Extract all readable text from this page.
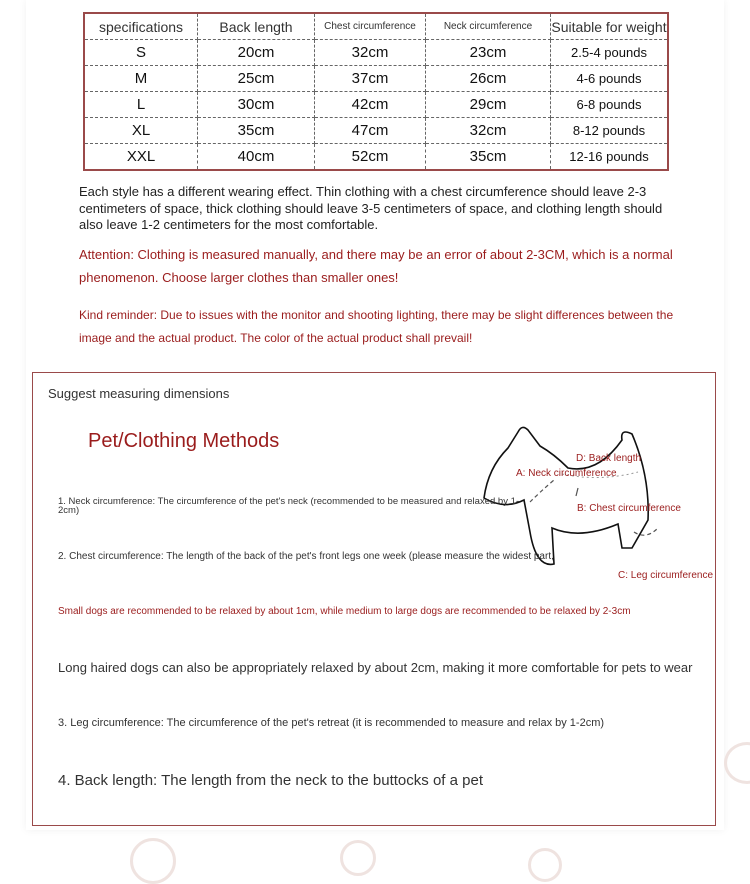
specifications	Back length	Chest circumference	Neck circumference	Suitable for weight
S	20cm	32cm	23cm	2.5-4 pounds
M	25cm	37cm	26cm	4-6 pounds
L	30cm	42cm	29cm	6-8 pounds
XL	35cm	47cm	32cm	8-12 pounds
XXL	40cm	52cm	35cm	12-16 pounds
Each style has a different wearing effect. Thin clothing with a chest circumference should leave 2-3 centimeters of space, thick clothing should leave 3-5 centimeters of space, and clothing length should also leave 1-2 centimeters for the most comfortable.
Attention: Clothing is measured manually, and there may be an error of about 2-3CM, which is a normal phenomenon. Choose larger clothes than smaller ones!
Kind reminder: Due to issues with the monitor and shooting lighting, there may be slight differences between the image and the actual product. The color of the actual product shall prevail!
Suggest measuring dimensions
Pet/Clothing Methods
D: Back length
A: Neck circumference
B: Chest circumference
C: Leg circumference
1. Neck circumference: The circumference of the pet's neck (recommended to be measured and relaxed by 1-2cm)
2. Chest circumference: The length of the back of the pet's front legs one week (please measure the widest part,
Small dogs are recommended to be relaxed by about 1cm, while medium to large dogs are recommended to be relaxed by 2-3cm
Long haired dogs can also be appropriately relaxed by about 2cm, making it more comfortable for pets to wear
3. Leg circumference: The circumference of the pet's retreat (it is recommended to measure and relax by 1-2cm)
4. Back length: The length from the neck to the buttocks of a pet
